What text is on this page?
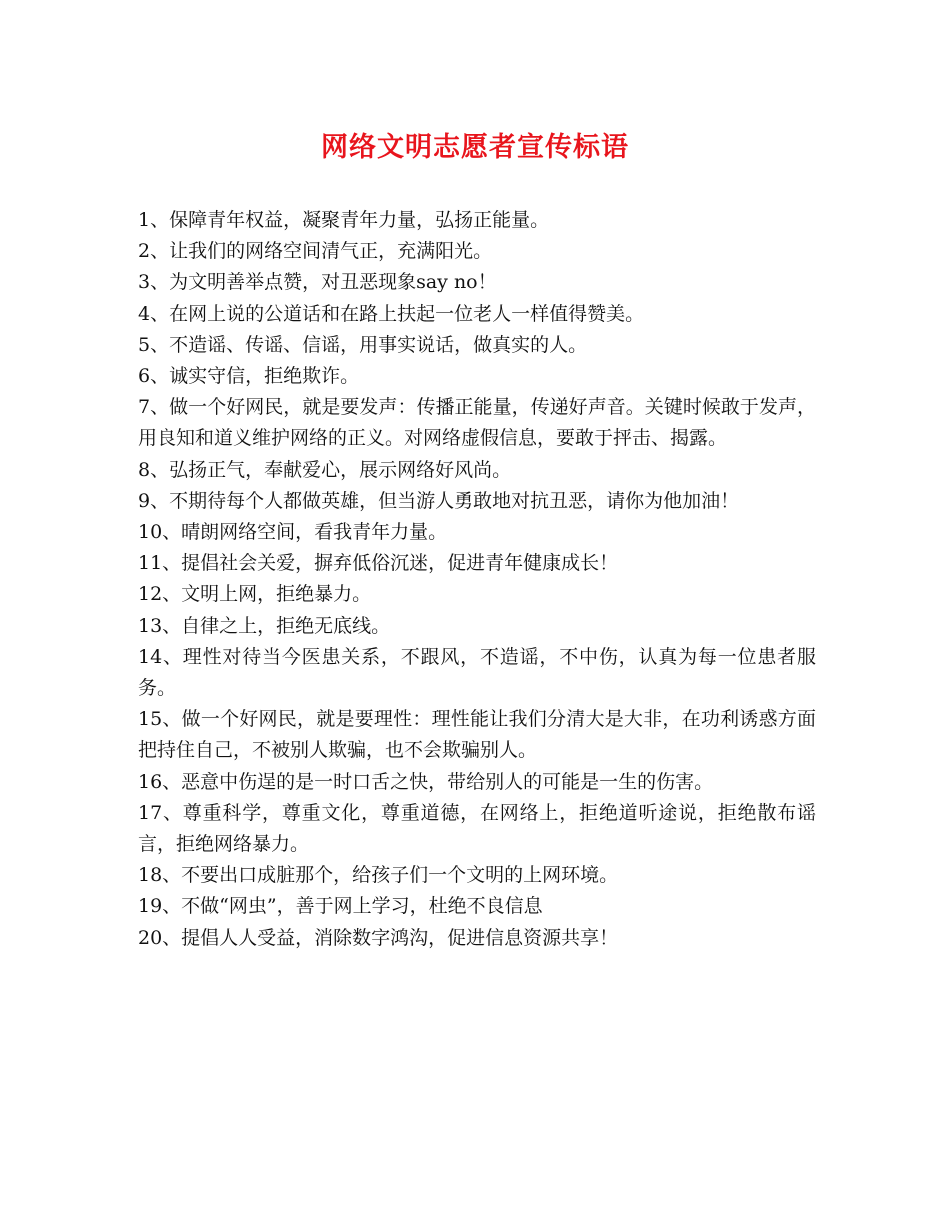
网络文明志愿者宣传标语
1、保障青年权益，凝聚青年力量，弘扬正能量。
2、让我们的网络空间清气正，充满阳光。
3、为文明善举点赞，对丑恶现象say no！
4、在网上说的公道话和在路上扶起一位老人一样值得赞美。
5、不造谣、传谣、信谣，用事实说话，做真实的人。
6、诚实守信，拒绝欺诈。
7、做一个好网民，就是要发声：传播正能量，传递好声音。关键时候敢于发声，用良知和道义维护网络的正义。对网络虚假信息，要敢于抨击、揭露。
8、弘扬正气，奉献爱心，展示网络好风尚。
9、不期待每个人都做英雄，但当游人勇敢地对抗丑恶，请你为他加油！
10、晴朗网络空间，看我青年力量。
11、提倡社会关爱，摒弃低俗沉迷，促进青年健康成长！
12、文明上网，拒绝暴力。
13、自律之上，拒绝无底线。
14、理性对待当今医患关系，不跟风，不造谣，不中伤，认真为每一位患者服务。
15、做一个好网民，就是要理性：理性能让我们分清大是大非，在功利诱惑方面把持住自己，不被别人欺骗，也不会欺骗别人。
16、恶意中伤逞的是一时口舌之快，带给别人的可能是一生的伤害。
17、尊重科学，尊重文化，尊重道德，在网络上，拒绝道听途说，拒绝散布谣言，拒绝网络暴力。
18、不要出口成脏那个，给孩子们一个文明的上网环境。
19、不做“网虫”，善于网上学习，杜绝不良信息
20、提倡人人受益，消除数字鸿沟，促进信息资源共享！
